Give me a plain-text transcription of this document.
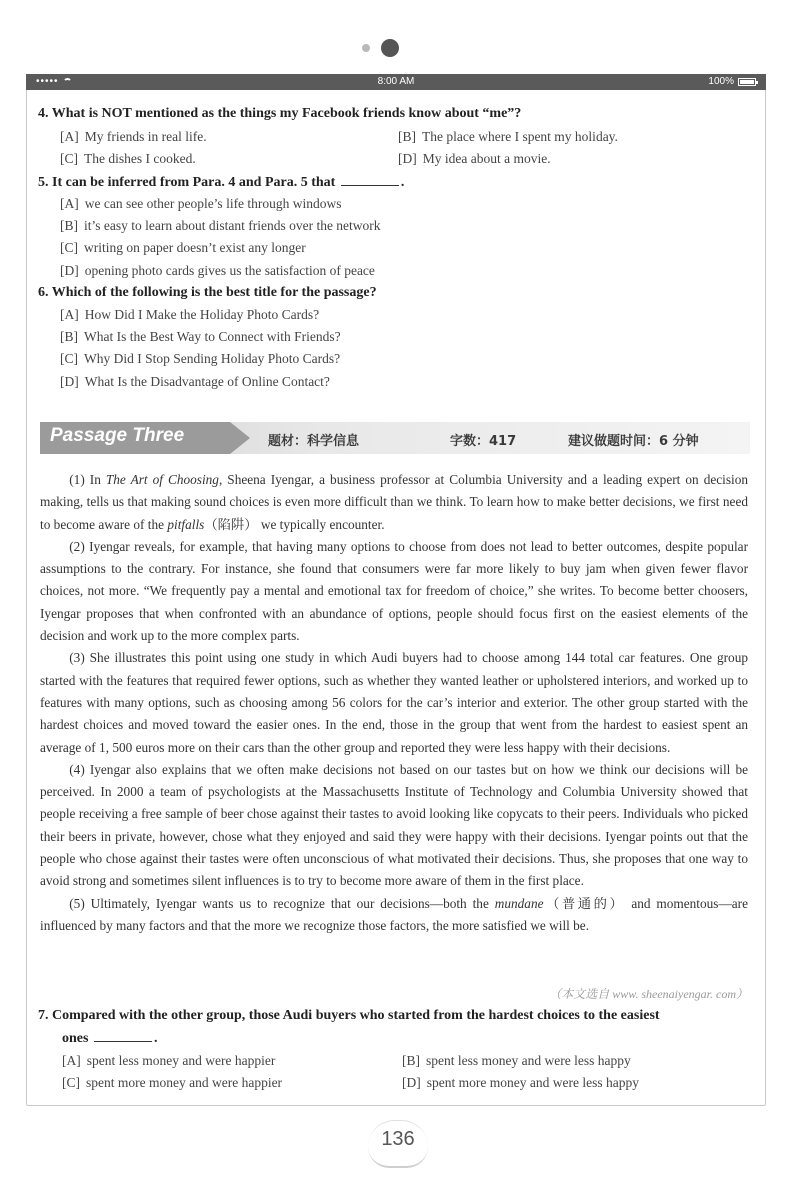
•••••	8:00 AM	100%
4. What is NOT mentioned as the things my Facebook friends know about “me”?
[A] My friends in real life.	[B] The place where I spent my holiday.
[C] The dishes I cooked.	[D] My idea about a movie.
5. It can be inferred from Para. 4 and Para. 5 that	.
[A] we can see other people’s life through windows
[B] it’s easy to learn about distant friends over the network
[C] writing on paper doesn’t exist any longer
[D] opening photo cards gives us the satisfaction of peace
6. Which of the following is the best title for the passage?
[A] How Did I Make the Holiday Photo Cards?
[B] What Is the Best Way to Connect with Friends?
[C] Why Did I Stop Sending Holiday Photo Cards?
[D] What Is the Disadvantage of Online Contact?
Passage Three	题材：科学信息	字数：417	建议做题时间：6 分钟

(1) In The Art of Choosing, Sheena Iyengar, a business professor at Columbia University and a leading expert on decision making, tells us that making sound choices is even more difficult than we think. To learn how to make better decisions, we first need to become aware of the pitfalls（陷阱） we typically encounter.

(2) Iyengar reveals, for example, that having many options to choose from does not lead to better outcomes, despite popular assumptions to the contrary. For instance, she found that consumers were far more likely to buy jam when given fewer flavor choices, not more. “We frequently pay a mental and emotional tax for freedom of choice,” she writes. To become better choosers, Iyengar proposes that when confronted with an abundance of options, people should focus first on the easiest elements of the decision and work up to the more complex parts.

(3) She illustrates this point using one study in which Audi buyers had to choose among 144 total car features. One group started with the features that required fewer options, such as whether they wanted leather or upholstered interiors, and worked up to features with many options, such as choosing among 56 colors for the car’s interior and exterior. The other group started with the hardest choices and moved toward the easier ones. In the end, those in the group that went from the hardest to easiest spent an average of 1, 500 euros more on their cars than the other group and reported they were less happy with their decisions.

(4) Iyengar also explains that we often make decisions not based on our tastes but on how we think our decisions will be perceived. In 2000 a team of psychologists at the Massachusetts Institute of Technology and Columbia University showed that people receiving a free sample of beer chose against their tastes to avoid looking like copycats to their peers. Individuals who picked their beers in private, however, chose what they enjoyed and said they were happy with their decisions. Iyengar points out that the people who chose against their tastes were often unconscious of what motivated their decisions. Thus, she proposes that one way to avoid strong and sometimes silent influences is to try to become more aware of them in the first place.

(5) Ultimately, Iyengar wants us to recognize that our decisions—both the mundane（普通的） and momentous—are influenced by many factors and that the more we recognize those factors, the more satisfied we will be.

（本文选自 www. sheenaiyengar. com）
7. Compared with the other group, those Audi buyers who started from the hardest choices to the easiest
ones	.
[A] spent less money and were happier	[B] spent less money and were less happy
[C] spent more money and were happier	[D] spent more money and were less happy
136
